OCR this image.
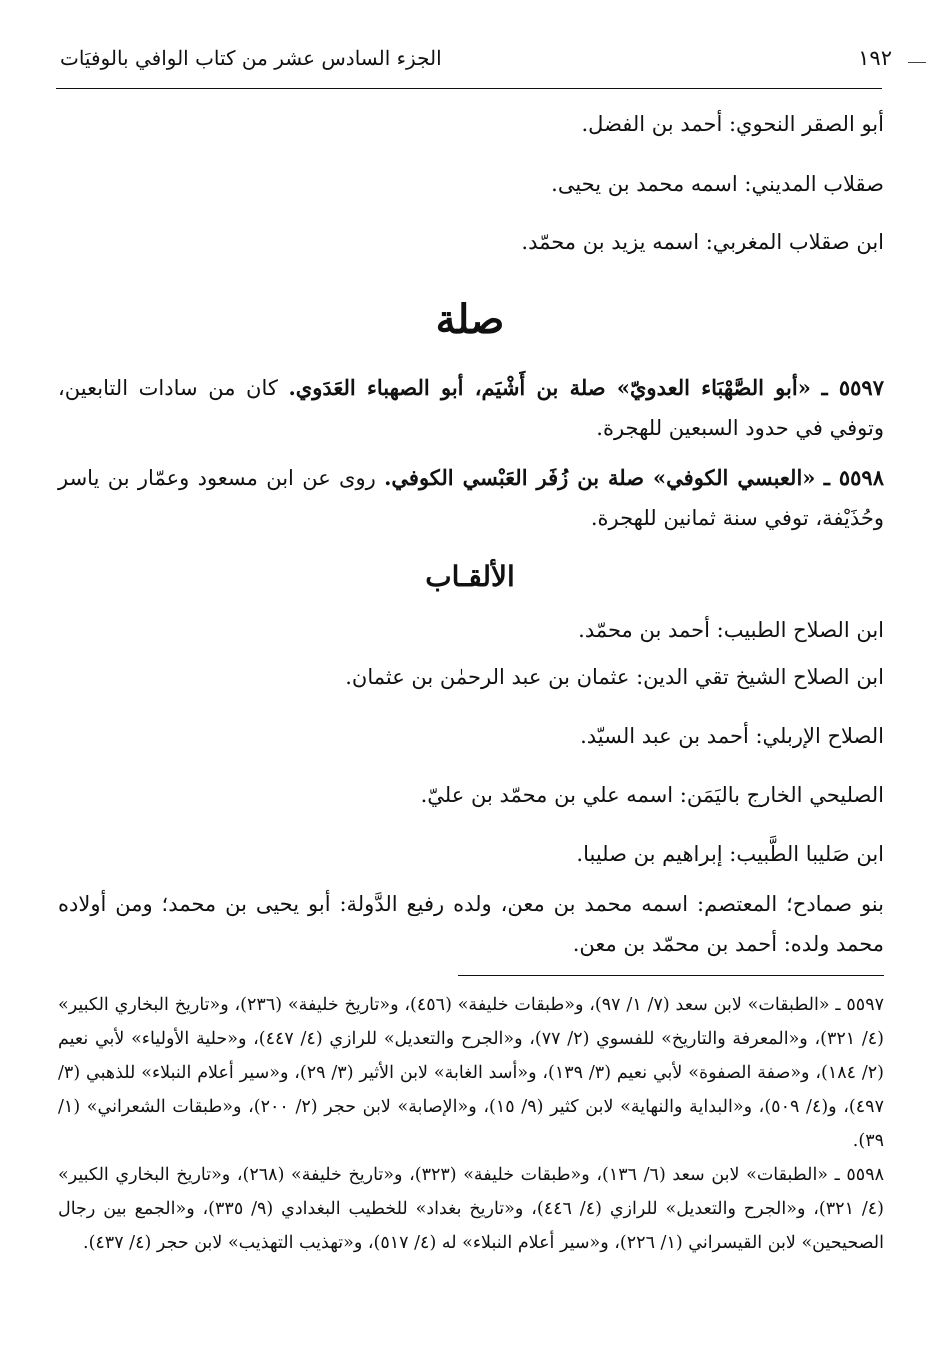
١٩٢
الجزء السادس عشر من كتاب الوافي بالوفيَات
أبو الصقر النحوي: أحمد بن الفضل.
صقلاب المديني: اسمه محمد بن يحيى.
ابن صقلاب المغربي: اسمه يزيد بن محمّد.
صلة
٥٥٩٧ ـ «أبو الصَّهْبَاء العدويّ» صلة بن أَشْيَم، أبو الصهباء العَدَوي. كان من سادات التابعين، وتوفي في حدود السبعين للهجرة.
٥٥٩٨ ـ «العبسي الكوفي» صلة بن زُفَر العَبْسي الكوفي. روى عن ابن مسعود وعمّار بن ياسر وحُذَيْفة، توفي سنة ثمانين للهجرة.
الألقـاب
ابن الصلاح الطبيب: أحمد بن محمّد.
ابن الصلاح الشيخ تقي الدين: عثمان بن عبد الرحمٰن بن عثمان.
الصلاح الإربلي: أحمد بن عبد السيّد.
الصليحي الخارج باليَمَن: اسمه علي بن محمّد بن عليّ.
ابن صَليبا الطَّبيب: إبراهيم بن صليبا.
بنو صمادح؛ المعتصم: اسمه محمد بن معن، ولده رفيع الدَّولة: أبو يحيى بن محمد؛ ومن أولاده محمد ولده: أحمد بن محمّد بن معن.
٥٥٩٧ ـ «الطبقات» لابن سعد (٧/ ١/ ٩٧)، و«طبقات خليفة» (٤٥٦)، و«تاريخ خليفة» (٢٣٦)، و«تاريخ البخاري الكبير» (٤/ ٣٢١)، و«المعرفة والتاريخ» للفسوي (٢/ ٧٧)، و«الجرح والتعديل» للرازي (٤/ ٤٤٧)، و«حلية الأولياء» لأبي نعيم (٢/ ١٨٤)، و«صفة الصفوة» لأبي نعيم (٣/ ١٣٩)، و«أسد الغابة» لابن الأثير (٣/ ٢٩)، و«سير أعلام النبلاء» للذهبي (٣/ ٤٩٧)، و(٤/ ٥٠٩)، و«البداية والنهاية» لابن كثير (٩/ ١٥)، و«الإصابة» لابن حجر (٢/ ٢٠٠)، و«طبقات الشعراني» (١/ ٣٩).
٥٥٩٨ ـ «الطبقات» لابن سعد (٦/ ١٣٦)، و«طبقات خليفة» (٣٢٣)، و«تاريخ خليفة» (٢٦٨)، و«تاريخ البخاري الكبير» (٤/ ٣٢١)، و«الجرح والتعديل» للرازي (٤/ ٤٤٦)، و«تاريخ بغداد» للخطيب البغدادي (٩/ ٣٣٥)، و«الجمع بين رجال الصحيحين» لابن القيسراني (١/ ٢٢٦)، و«سير أعلام النبلاء» له (٤/ ٥١٧)، و«تهذيب التهذيب» لابن حجر (٤/ ٤٣٧).
